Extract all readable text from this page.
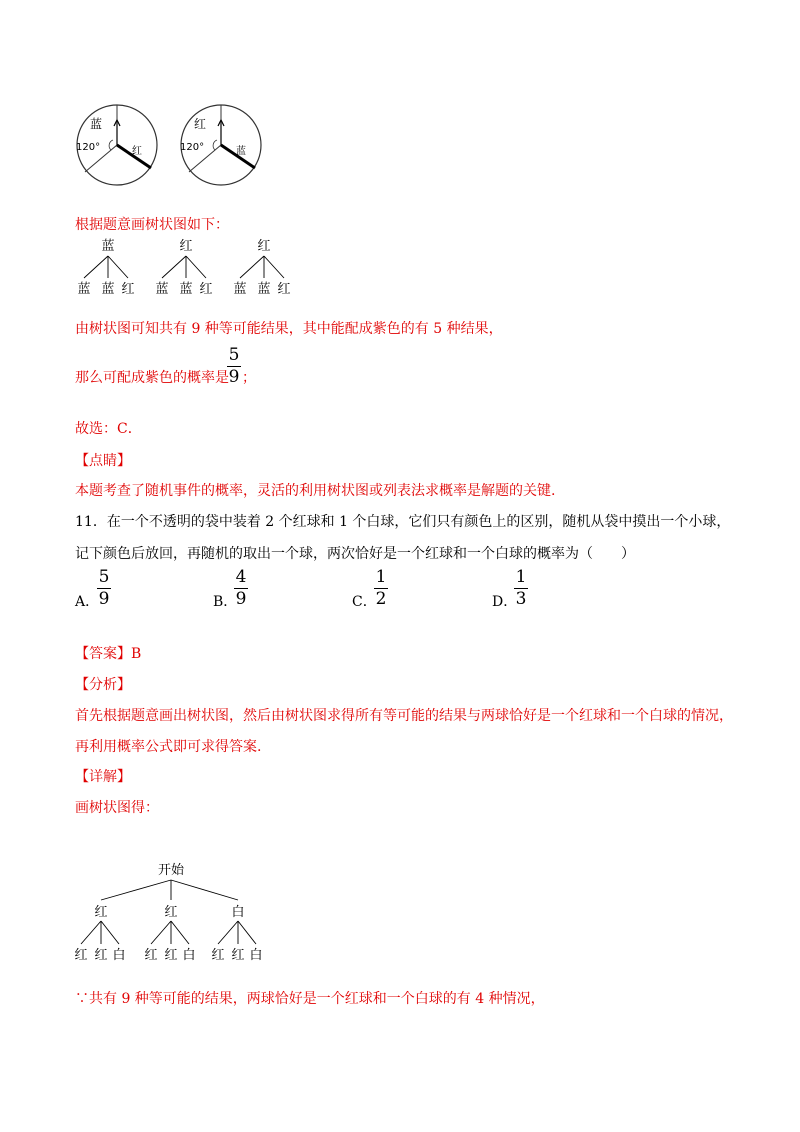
蓝
120°	红
红
120°	蓝
根据题意画树状图如下：
蓝
蓝 蓝 红
红
蓝 蓝 红
红
蓝 蓝 红
由树状图可知共有 9 种等可能结果，其中能配成紫色的有 5 种结果，
那么可配成紫色的概率是
5
9 ；
故选：C．
【点睛】
本题考查了随机事件的概率，灵活的利用树状图或列表法求概率是解题的关键.
11．在一个不透明的袋中装着 2 个红球和 1 个白球，它们只有颜色上的区别，随机从袋中摸出一个小球，
记下颜色后放回，再随机的取出一个球，两次恰好是一个红球和一个白球的概率为（　　）
A．
5
9	B．
4
9	C．
1
2	D．
1
3
【答案】B
【分析】
首先根据题意画出树状图，然后由树状图求得所有等可能的结果与两球恰好是一个红球和一个白球的情况，
再利用概率公式即可求得答案.
【详解】
画树状图得：
开始
红
红 红 白
红
红 红 白
白
红 红 白
∵共有 9 种等可能的结果，两球恰好是一个红球和一个白球的有 4 种情况，
